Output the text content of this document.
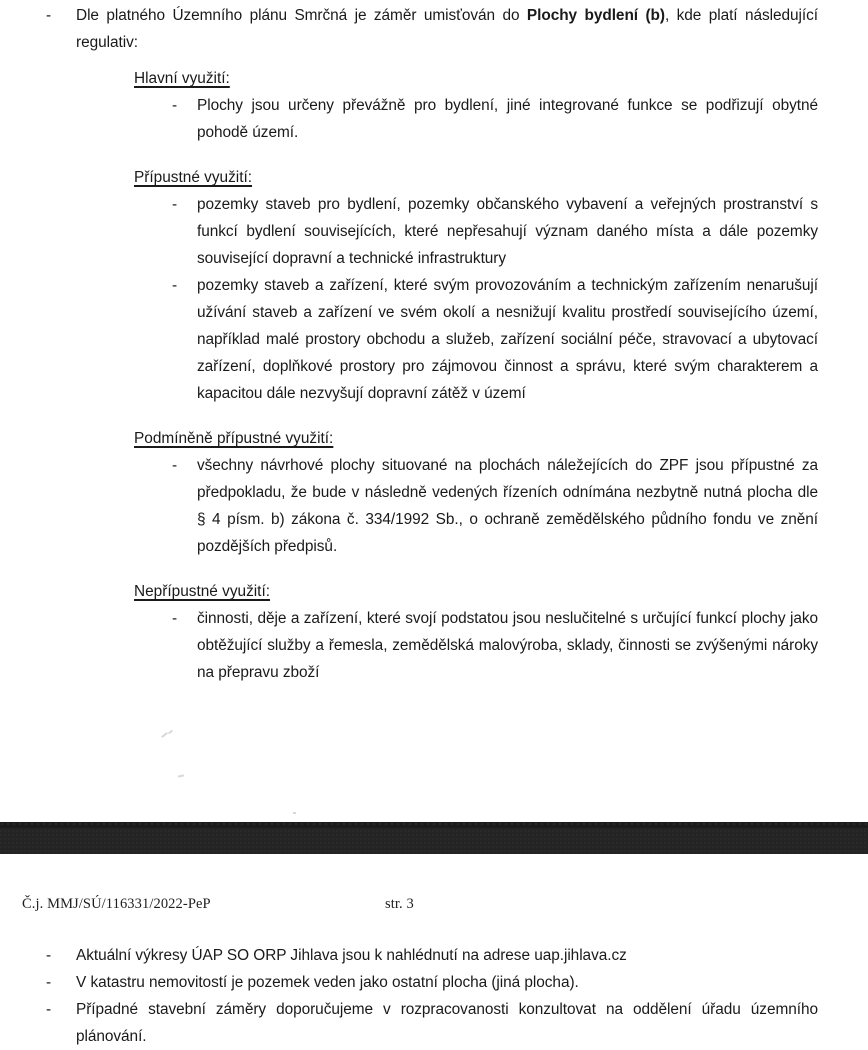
-	Dle platného Územního plánu Smrčná je záměr umisťován do Plochy bydlení (b), kde platí následující regulativ:
Hlavní využití:
-	Plochy jsou určeny převážně pro bydlení, jiné integrované funkce se podřizují obytné pohodě území.
Přípustné využití:
-	pozemky staveb pro bydlení, pozemky občanského vybavení a veřejných prostranství s funkcí bydlení souvisejících, které nepřesahují význam daného místa a dále pozemky související dopravní a technické infrastruktury
-	pozemky staveb a zařízení, které svým provozováním a technickým zařízením nenarušují užívání staveb a zařízení ve svém okolí a nesnižují kvalitu prostředí souvisejícího území, například malé prostory obchodu a služeb, zařízení sociální péče, stravovací a ubytovací zařízení, doplňkové prostory pro zájmovou činnost a správu, které svým charakterem a kapacitou dále nezvyšují dopravní zátěž v území
Podmíněně přípustné využití:
-	všechny návrhové plochy situované na plochách náležejících do ZPF jsou přípustné za předpokladu, že bude v následně vedených řízeních odnímána nezbytně nutná plocha dle § 4 písm. b) zákona č. 334/1992 Sb., o ochraně zemědělského půdního fondu ve znění pozdějších předpisů.
Nepřípustné využití:
-	činnosti, děje a zařízení, které svojí podstatou jsou neslučitelné s určující funkcí plochy jako obtěžující služby a řemesla, zemědělská malovýroba, sklady, činnosti se zvýšenými nároky na přepravu zboží

Č.j. MMJ/SÚ/116331/2022-PeP	str. 3
-	Aktuální výkresy ÚAP SO ORP Jihlava jsou k nahlédnutí na adrese uap.jihlava.cz
-	V katastru nemovitostí je pozemek veden jako ostatní plocha (jiná plocha).
-	Případné stavební záměry doporučujeme v rozpracovanosti konzultovat na oddělení úřadu územního plánování.
